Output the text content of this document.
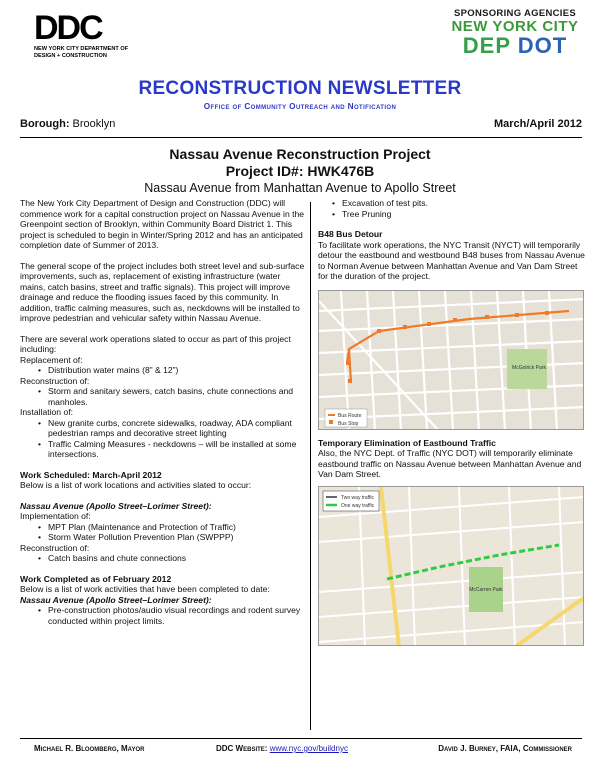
DDC
NEW YORK CITY DEPARTMENT OF
DESIGN + CONSTRUCTION
SPONSORING AGENCIES
NEW YORK CITY
DEP DOT
RECONSTRUCTION NEWSLETTER
Office of Community Outreach and Notification
Borough: Brooklyn	March/April 2012
Nassau Avenue Reconstruction Project
Project ID#: HWK476B
Nassau Avenue from Manhattan Avenue to Apollo Street

The New York City Department of Design and Construction (DDC) will commence work for a capital construction project on Nassau Avenue in the Greenpoint section of Brooklyn, within Community Board District 1. This project is scheduled to begin in Winter/Spring 2012 and has an anticipated completion date of Summer of 2013.

The general scope of the project includes both street level and sub-surface improvements, such as, replacement of existing infrastructure (water mains, catch basins, street and traffic signals). This project will improve drainage and reduce the flooding issues faced by this community. In addition, traffic calming measures, such as, neckdowns will be installed to improve pedestrian and vehicular safety within Nassau Avenue.

There are several work operations slated to occur as part of this project including:
Replacement of:
• Distribution water mains (8” & 12”)
Reconstruction of:
• Storm and sanitary sewers, catch basins, chute connections and manholes.
Installation of:
• New granite curbs, concrete sidewalks, roadway, ADA compliant pedestrian ramps and decorative street lighting
• Traffic Calming Measures - neckdowns – will be installed at some intersections.
Work Scheduled: March-April 2012
Below is a list of work locations and activities slated to occur:
Nassau Avenue (Apollo Street–Lorimer Street):
Implementation of:
• MPT Plan (Maintenance and Protection of Traffic)
• Storm Water Pollution Prevention Plan (SWPPP)
Reconstruction of:
• Catch basins and chute connections
Work Completed as of February 2012
Below is a list of work activities that have been completed to date:
Nassau Avenue (Apollo Street–Lorimer Street):
• Pre-construction photos/audio visual recordings and rodent survey conducted within project limits.
• Excavation of test pits.
• Tree Pruning
B48 Bus Detour
To facilitate work operations, the NYC Transit (NYCT) will temporarily detour the eastbound and westbound B48 buses from Nassau Avenue to Norman Avenue between Manhattan Avenue and Van Dam Street for the duration of the project.
McGolrick Park
Bus Route
Bus Stop
Temporary Elimination of Eastbound Traffic
Also, the NYC Dept. of Traffic (NYC DOT) will temporarily eliminate eastbound traffic on Nassau Avenue between Manhattan Avenue and Van Dam Street.
Two way traffic
One way traffic
McCarren Park
Michael R. Bloomberg, Mayor	DDC Website: www.nyc.gov/buildnyc	David J. Burney, FAIA, Commissioner
